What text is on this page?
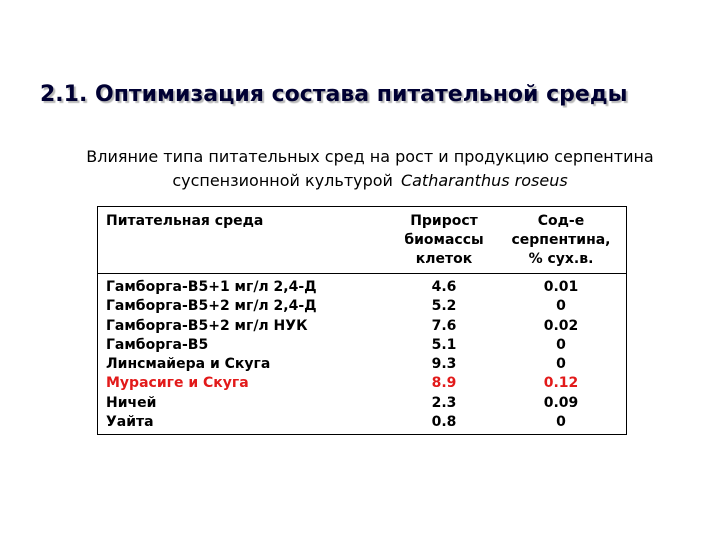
2.1. Оптимизация состава питательной среды
Влияние типа питательных сред на рост и продукцию серпентина
суспензионной культурой Catharanthus roseus
Питательная среда	Прирост
биомассы
клеток
Сод-е
серпентина,
% сух.в.
Гамборга-В5+1 мг/л 2,4-Д
Гамборга-В5+2 мг/л 2,4-Д
Гамборга-В5+2 мг/л НУК
Гамборга-В5
Линсмайера и Скуга
Мурасиге и Скуга
Ничей
Уайта
4.6
5.2
7.6
5.1
9.3
8.9
2.3
0.8
0.01
0
0.02
0
0
0.12
0.09
0
